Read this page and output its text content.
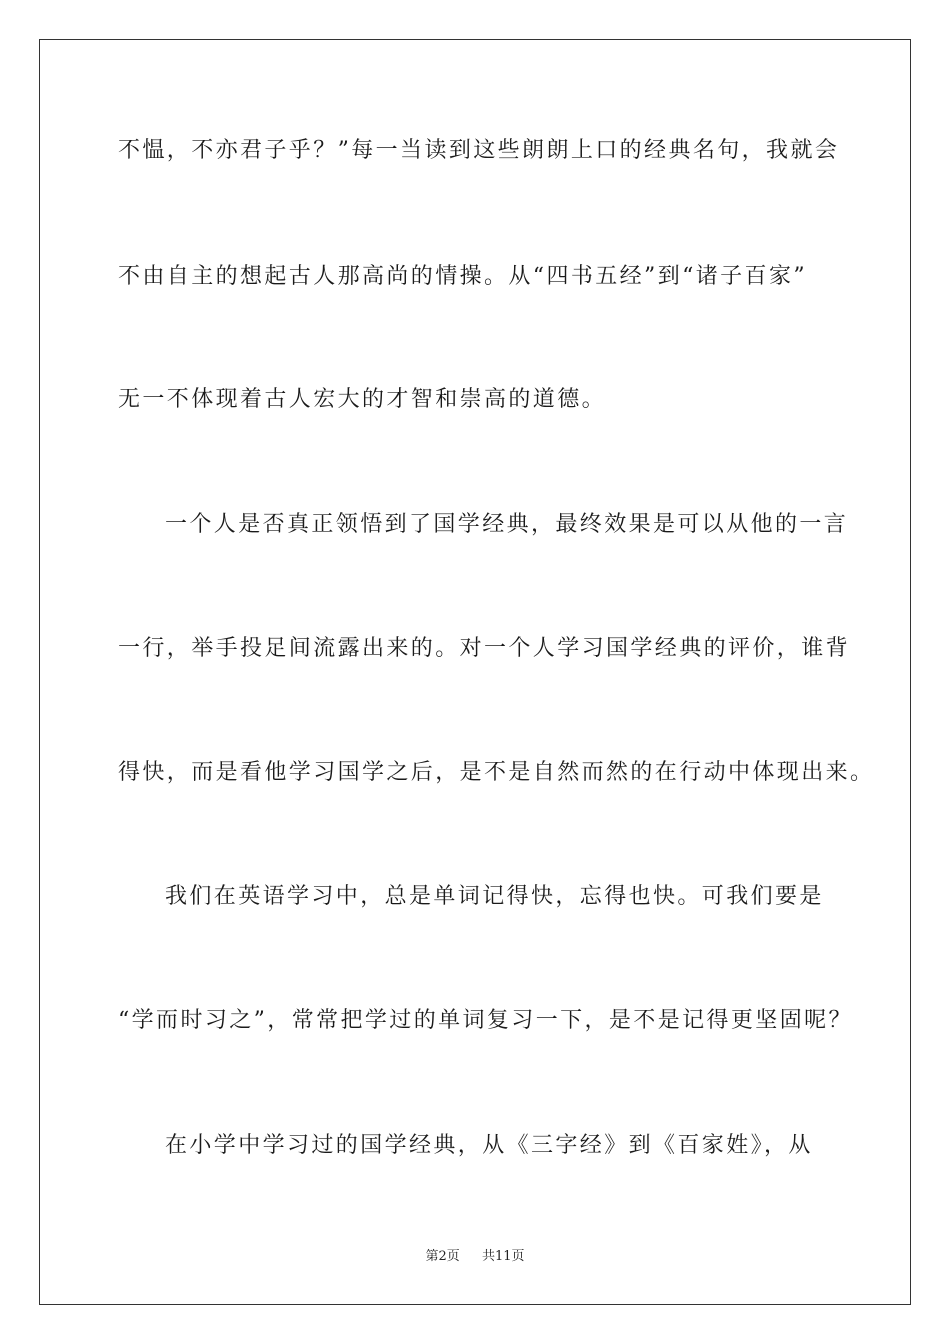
不愠，不亦君子乎？”每一当读到这些朗朗上口的经典名句，我就会
不由自主的想起古人那高尚的情操。从“四书五经”到“诸子百家”
无一不体现着古人宏大的才智和崇高的道德。
一个人是否真正领悟到了国学经典，最终效果是可以从他的一言
一行，举手投足间流露出来的。对一个人学习国学经典的评价，谁背
得快，而是看他学习国学之后，是不是自然而然的在行动中体现出来。
我们在英语学习中，总是单词记得快，忘得也快。可我们要是
“学而时习之”，常常把学过的单词复习一下，是不是记得更坚固呢？
在小学中学习过的国学经典，从《三字经》到《百家姓》，从
第2页 共11页
